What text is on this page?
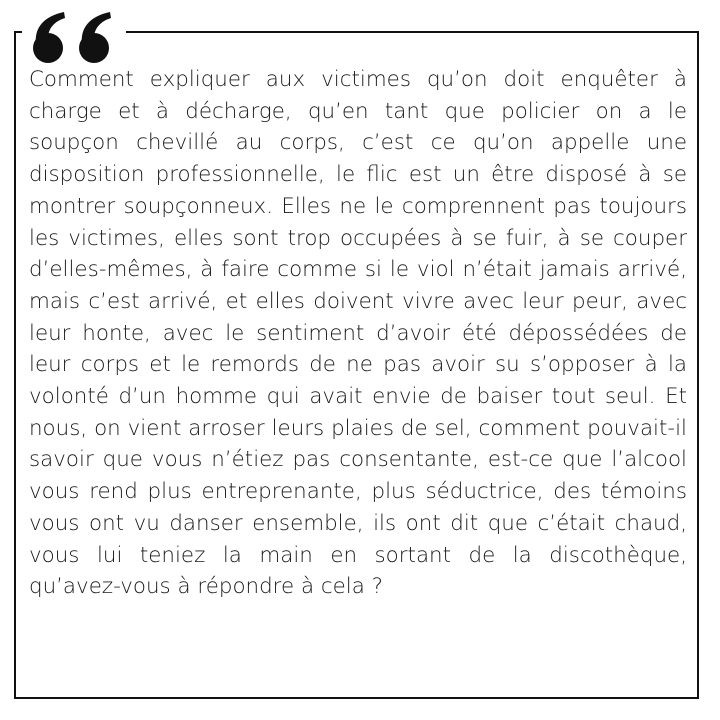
Comment expliquer aux victimes qu’on doit enquêter à charge et à décharge, qu’en tant que policier on a le soupçon chevillé au corps, c’est ce qu’on appelle une disposition professionnelle, le flic est un être disposé à se montrer soupçonneux. Elles ne le comprennent pas toujours les victimes, elles sont trop occupées à se fuir, à se couper d’elles-mêmes, à faire comme si le viol n’était jamais arrivé, mais c’est arrivé, et elles doivent vivre avec leur peur, avec leur honte, avec le sentiment d’avoir été dépossédées de leur corps et le remords de ne pas avoir su s’opposer à la volonté d’un homme qui avait envie de baiser tout seul. Et nous, on vient arroser leurs plaies de sel, comment pouvait-il savoir que vous n’étiez pas consentante, est-ce que l’alcool vous rend plus entreprenante, plus séductrice, des témoins vous ont vu danser ensemble, ils ont dit que c’était chaud, vous lui teniez la main en sortant de la discothèque, qu’avez-vous à répondre à cela ?
